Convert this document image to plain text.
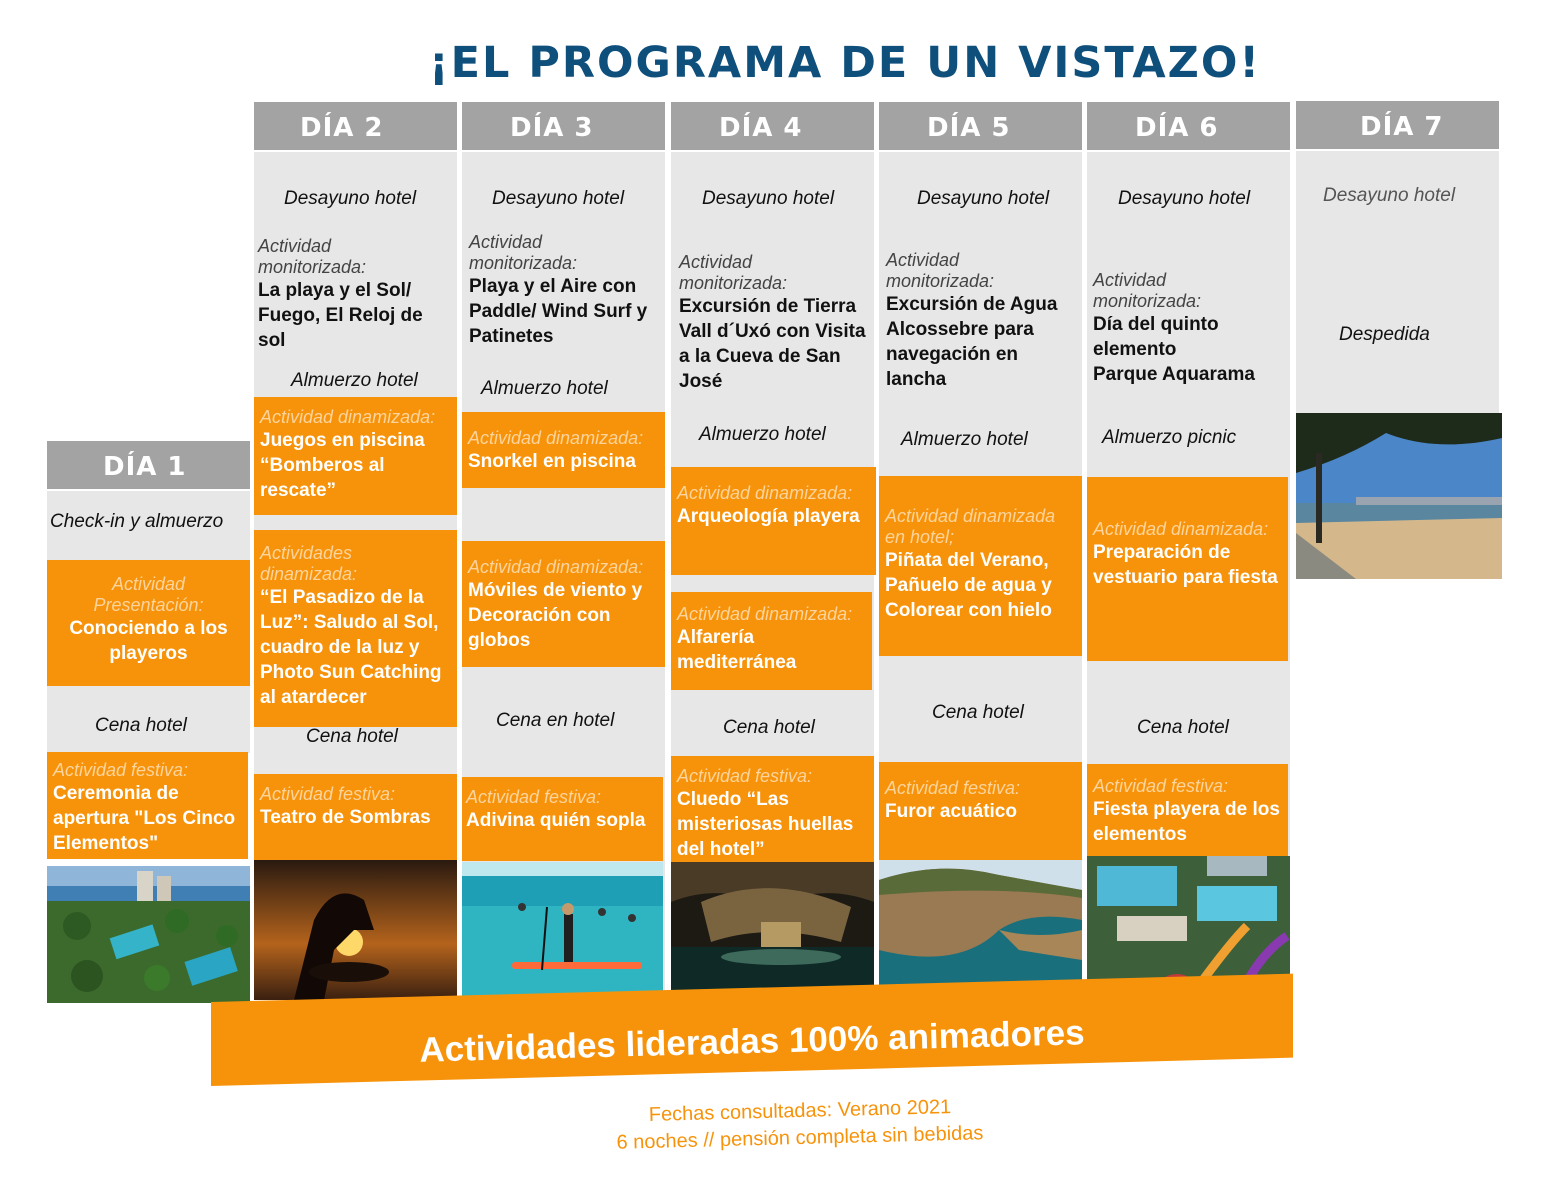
¡EL PROGRAMA DE UN VISTAZO!
DÍA 1
Check-in y almuerzo
Actividad
Presentación:
Conociendo a los playeros
Cena hotel
Actividad festiva:
Ceremonia de apertura "Los Cinco Elementos"
DÍA 2
Desayuno hotel
Actividad
monitorizada:
La playa y el Sol/ Fuego, El Reloj de sol
Almuerzo hotel
Actividad dinamizada:
Juegos en piscina “Bomberos al rescate”
Actividades
dinamizada:
“El Pasadizo de la Luz”: Saludo al Sol, cuadro de la luz y Photo Sun Catching al atardecer
Cena hotel
Actividad festiva:
Teatro de Sombras
DÍA 3
Desayuno hotel
Actividad
monitorizada:
Playa y el Aire con Paddle/ Wind Surf y Patinetes
Almuerzo hotel
Actividad dinamizada:
Snorkel en piscina
Actividad dinamizada:
Móviles de viento y Decoración con globos
Cena en hotel
Actividad festiva:
Adivina quién sopla
DÍA 4
Desayuno hotel
Actividad
monitorizada:
Excursión de Tierra Vall d´Uxó con Visita a la Cueva de San José
Almuerzo hotel
Actividad dinamizada:
Arqueología playera
Actividad dinamizada:
Alfarería mediterránea
Cena hotel
Actividad festiva:
Cluedo “Las misteriosas huellas del hotel”
DÍA 5
Desayuno hotel
Actividad
monitorizada:
Excursión de Agua Alcossebre para navegación en lancha
Almuerzo hotel
Actividad dinamizada
en hotel;
Piñata del Verano, Pañuelo de agua y Colorear con hielo
Cena hotel
Actividad festiva:
Furor acuático
DÍA 6
Desayuno hotel
Actividad
monitorizada:
Día del quinto elemento
Parque Aquarama
Almuerzo picnic
Actividad dinamizada:
Preparación de vestuario para fiesta
Cena hotel
Actividad festiva:
Fiesta playera de los elementos
DÍA 7
Desayuno hotel
Despedida
Actividades lideradas 100% animadores
Fechas consultadas: Verano 2021
6 noches // pensión completa sin bebidas
